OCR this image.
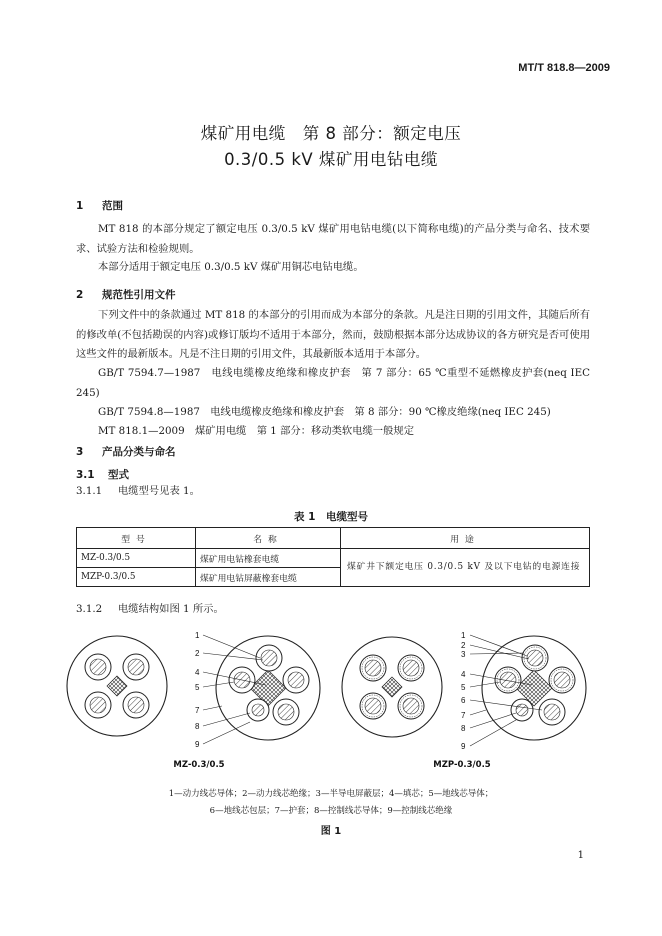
MT/T 818.8—2009
煤矿用电缆　第 8 部分：额定电压
0.3/0.5 kV 煤矿用电钻电缆
1 范围
MT 818 的本部分规定了额定电压 0.3/0.5 kV 煤矿用电钻电缆(以下简称电缆)的产品分类与命名、技术要求、试验方法和检验规则。
本部分适用于额定电压 0.3/0.5 kV 煤矿用铜芯电钻电缆。
2 规范性引用文件
下列文件中的条款通过 MT 818 的本部分的引用而成为本部分的条款。凡是注日期的引用文件，其随后所有的修改单(不包括勘误的内容)或修订版均不适用于本部分，然而，鼓励根据本部分达成协议的各方研究是否可使用这些文件的最新版本。凡是不注日期的引用文件，其最新版本适用于本部分。
GB/T 7594.7—1987　电线电缆橡皮绝缘和橡皮护套　第 7 部分：65 ℃重型不延燃橡皮护套(neq IEC 245)
GB/T 7594.8—1987　电线电缆橡皮绝缘和橡皮护套　第 8 部分：90 ℃橡皮绝缘(neq IEC 245)
MT 818.1—2009　煤矿用电缆　第 1 部分：移动类软电缆一般规定
3 产品分类与命名
3.1 型式
3.1.1 电缆型号见表 1。
表 1　电缆型号
型号	名称	用途
MZ-0.3/0.5	煤矿用电钻橡套电缆	煤矿井下额定电压 0.3/0.5 kV 及以下电钻的电源连接
MZP-0.3/0.5	煤矿用电钻屏蔽橡套电缆	
3.1.2 电缆结构如图 1 所示。
1
2
4
5
7
8
9
1
2
3
4
5
6
7
8
9
MZ-0.3/0.5	MZP-0.3/0.5
1—动力线芯导体；2—动力线芯绝缘；3—半导电屏蔽层；4—填芯；5—地线芯导体；
6—地线芯包层；7—护套；8—控制线芯导体；9—控制线芯绝缘
图 1
1
